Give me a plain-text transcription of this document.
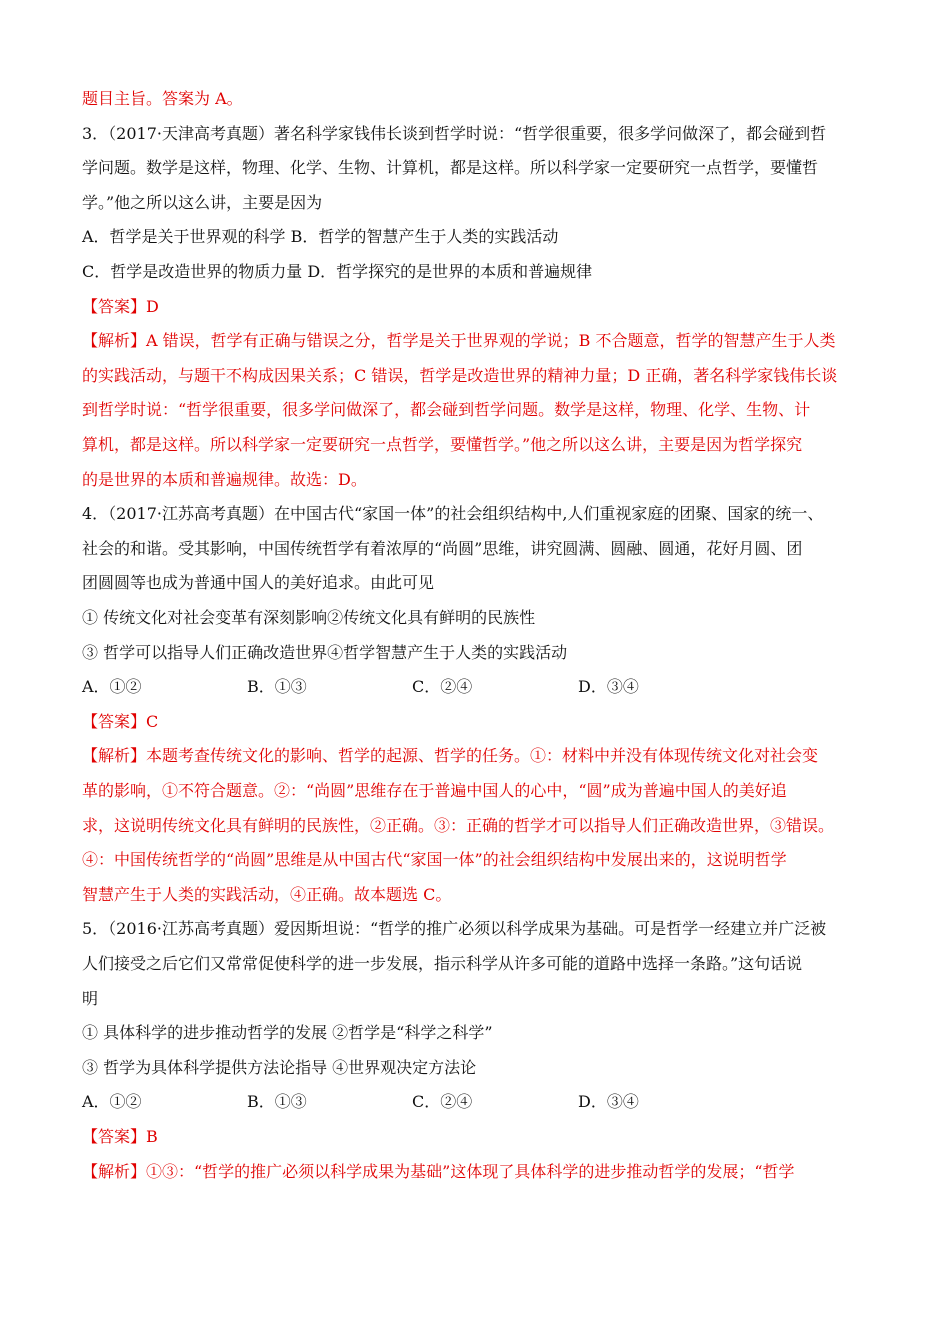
题目主旨。答案为 A。
3．（2017·天津高考真题）著名科学家钱伟长谈到哲学时说：“哲学很重要，很多学问做深了，都会碰到哲
学问题。数学是这样，物理、化学、生物、计算机，都是这样。所以科学家一定要研究一点哲学，要懂哲
学。”他之所以这么讲，主要是因为
A．哲学是关于世界观的科学 B．哲学的智慧产生于人类的实践活动
C．哲学是改造世界的物质力量 D．哲学探究的是世界的本质和普遍规律
【答案】D
【解析】A 错误，哲学有正确与错误之分，哲学是关于世界观的学说；B 不合题意，哲学的智慧产生于人类
的实践活动，与题干不构成因果关系；C 错误，哲学是改造世界的精神力量；D 正确，著名科学家钱伟长谈
到哲学时说：“哲学很重要，很多学问做深了，都会碰到哲学问题。数学是这样，物理、化学、生物、计
算机，都是这样。所以科学家一定要研究一点哲学，要懂哲学。”他之所以这么讲，主要是因为哲学探究
的是世界的本质和普遍规律。故选：D。
4．（2017·江苏高考真题）在中国古代“家国一体”的社会组织结构中,人们重视家庭的团聚、国家的统一、
社会的和谐。受其影响，中国传统哲学有着浓厚的“尚圆”思维，讲究圆满、圆融、圆通，花好月圆、团
团圆圆等也成为普通中国人的美好追求。由此可见
① 传统文化对社会变革有深刻影响②传统文化具有鲜明的民族性
③ 哲学可以指导人们正确改造世界④哲学智慧产生于人类的实践活动
A．①②	B．①③	C．②④	D．③④
【答案】C
【解析】本题考查传统文化的影响、哲学的起源、哲学的任务。①：材料中并没有体现传统文化对社会变
革的影响，①不符合题意。②：“尚圆”思维存在于普遍中国人的心中，“圆”成为普遍中国人的美好追
求，这说明传统文化具有鲜明的民族性，②正确。③：正确的哲学才可以指导人们正确改造世界，③错误。
④：中国传统哲学的“尚圆”思维是从中国古代“家国一体”的社会组织结构中发展出来的，这说明哲学
智慧产生于人类的实践活动，④正确。故本题选 C。
5．（2016·江苏高考真题）爱因斯坦说：“哲学的推广必须以科学成果为基础。可是哲学一经建立并广泛被
人们接受之后它们又常常促使科学的进一步发展，指示科学从许多可能的道路中选择一条路。”这句话说
明
① 具体科学的进步推动哲学的发展 ②哲学是“科学之科学”
③ 哲学为具体科学提供方法论指导 ④世界观决定方法论
A．①②	B．①③	C．②④	D．③④
【答案】B
【解析】①③：“哲学的推广必须以科学成果为基础”这体现了具体科学的进步推动哲学的发展；“哲学
